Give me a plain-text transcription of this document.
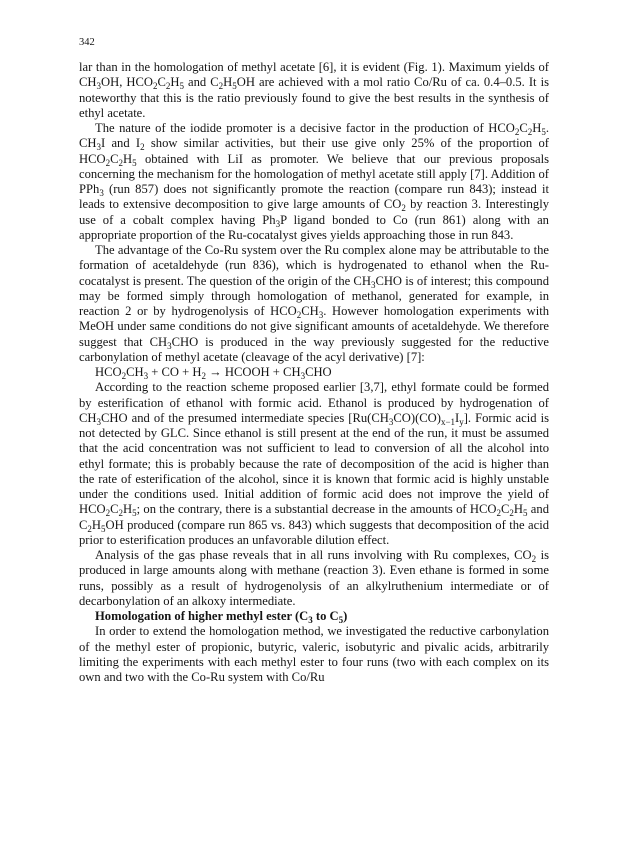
342

lar than in the homologation of methyl acetate [6], it is evident (Fig. 1). Maximum yields of $CH_3OH$, $HCO_2C_2H_5$ and $C_2H_5OH$ are achieved with a mol ratio Co/Ru of ca. 0.4–0.5. It is noteworthy that this is the ratio previously found to give the best results in the synthesis of ethyl acetate.

The nature of the iodide promoter is a decisive factor in the production of $HCO_2C_2H_5$. $CH_3I$ and $I_2$ show similar activities, but their use give only 25% of the proportion of $HCO_2C_2H_5$ obtained with LiI as promoter. We believe that our previous proposals concerning the mechanism for the homologation of methyl acetate still apply [7]. Addition of PPh$_3$ (run 857) does not significantly promote the reaction (compare run 843); instead it leads to extensive decomposition to give large amounts of $CO_2$ by reaction 3. Interestingly use of a cobalt complex having $Ph_3P$ ligand bonded to Co (run 861) along with an appropriate proportion of the Ru-cocatalyst gives yields approaching those in run 843.

The advantage of the Co-Ru system over the Ru complex alone may be attributable to the formation of acetaldehyde (run 836), which is hydrogenated to ethanol when the Ru-cocatalyst is present. The question of the origin of the $CH_3CHO$ is of interest; this compound may be formed simply through homologation of methanol, generated for example, in reaction 2 or by hydrogenolysis of $HCO_2CH_3$. However homologation experiments with MeOH under same conditions do not give significant amounts of acetaldehyde. We therefore suggest that $CH_3CHO$ is produced in the way previously suggested for the reductive carbonylation of methyl acetate (cleavage of the acyl derivative) [7]:

$HCO_2CH_3$ + CO + $H_2$ → HCOOH + $CH_3CHO$

According to the reaction scheme proposed earlier [3,7], ethyl formate could be formed by esterification of ethanol with formic acid. Ethanol is produced by hydrogenation of $CH_3CHO$ and of the presumed intermediate species $[Ru(CH_3CO)(CO)_{x-1}I_y]$. Formic acid is not detected by GLC. Since ethanol is still present at the end of the run, it must be assumed that the acid concentration was not sufficient to lead to conversion of all the alcohol into ethyl formate; this is probably because the rate of decomposition of the acid is higher than the rate of esterification of the alcohol, since it is known that formic acid is highly unstable under the conditions used. Initial addition of formic acid does not improve the yield of $HCO_2C_2H_5$; on the contrary, there is a substantial decrease in the amounts of $HCO_2C_2H_5$ and $C_2H_5OH$ produced (compare run 865 vs. 843) which suggests that decomposition of the acid prior to esterification produces an unfavorable dilution effect.

Analysis of the gas phase reveals that in all runs involving with Ru complexes, $CO_2$ is produced in large amounts along with methane (reaction 3). Even ethane is formed in some runs, possibly as a result of hydrogenolysis of an alkylruthenium intermediate or of decarbonylation of an alkoxy intermediate.

Homologation of higher methyl ester ($C_3$ to $C_5$)

In order to extend the homologation method, we investigated the reductive carbonylation of the methyl ester of propionic, butyric, valeric, isobutyric and pivalic acids, arbitrarily limiting the experiments with each methyl ester to four runs (two with each complex on its own and two with the Co-Ru system with Co/Ru
